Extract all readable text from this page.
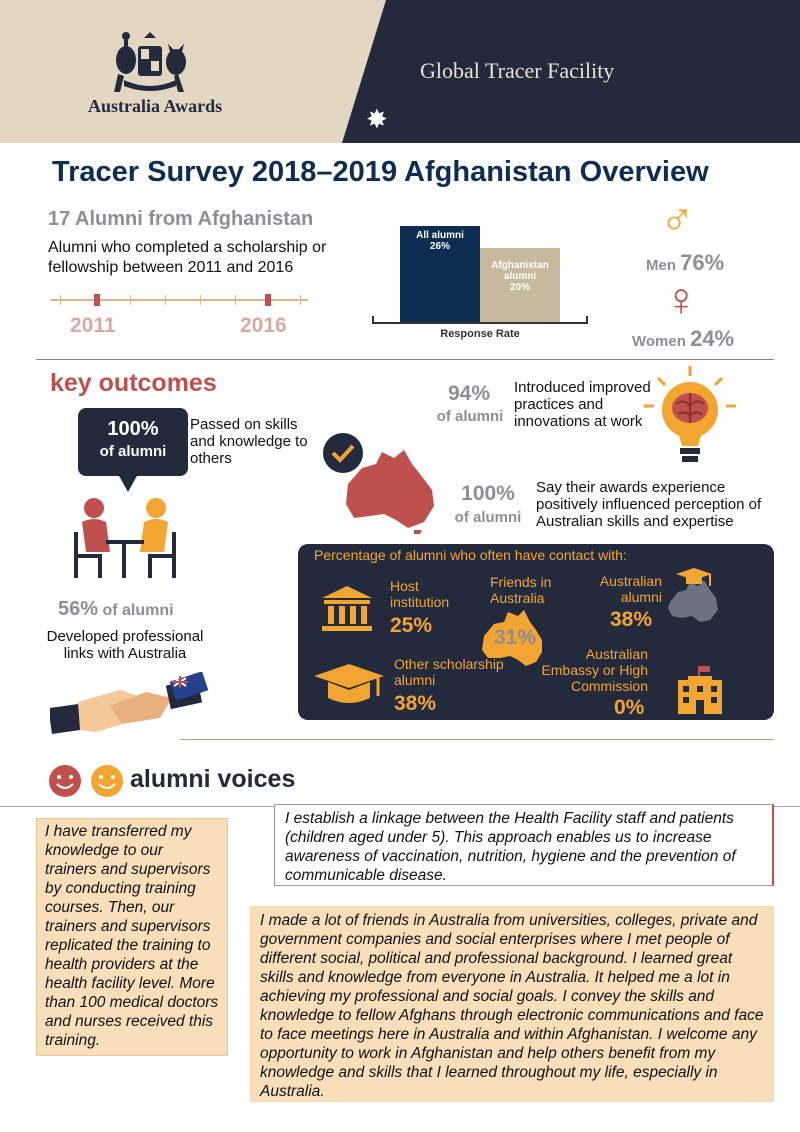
Australia Awards
Global Tracer Facility
✸
Tracer Survey 2018–2019 Afghanistan Overview
17 Alumni from Afghanistan
Alumni who completed a scholarship or fellowship between 2011 and 2016
2011	2016
All alumni
26%
Afghanistan alumni
20%
Response Rate
♂
Men 76%
♀
Women 24%
key outcomes
100%
of alumni
Passed on skills and knowledge to others
56% of alumni
Developed professional links with Australia
94%
of alumni
Introduced improved practices and innovations at work
100%
of alumni
Say their awards experience positively influenced perception of Australian skills and expertise
Percentage of alumni who often have contact with:
Host institution
25%
Friends in Australia
31%
Australian alumni
38%
Other scholarship alumni
38%
Australian Embassy or High Commission
0%
alumni voices
I have transferred my knowledge to our trainers and supervisors by conducting training courses. Then, our trainers and supervisors replicated the training to health providers at the health facility level. More than 100 medical doctors and nurses received this training.
I establish a linkage between the Health Facility staff and patients (children aged under 5). This approach enables us to increase awareness of vaccination, nutrition, hygiene and the prevention of communicable disease.
I made a lot of friends in Australia from universities, colleges, private and government companies and social enterprises where I met people of different social, political and professional background. I learned great skills and knowledge from everyone in Australia. It helped me a lot in achieving my professional and social goals. I convey the skills and knowledge to fellow Afghans through electronic communications and face to face meetings here in Australia and within Afghanistan. I welcome any opportunity to work in Afghanistan and help others benefit from my knowledge and skills that I learned throughout my life, especially in Australia.
